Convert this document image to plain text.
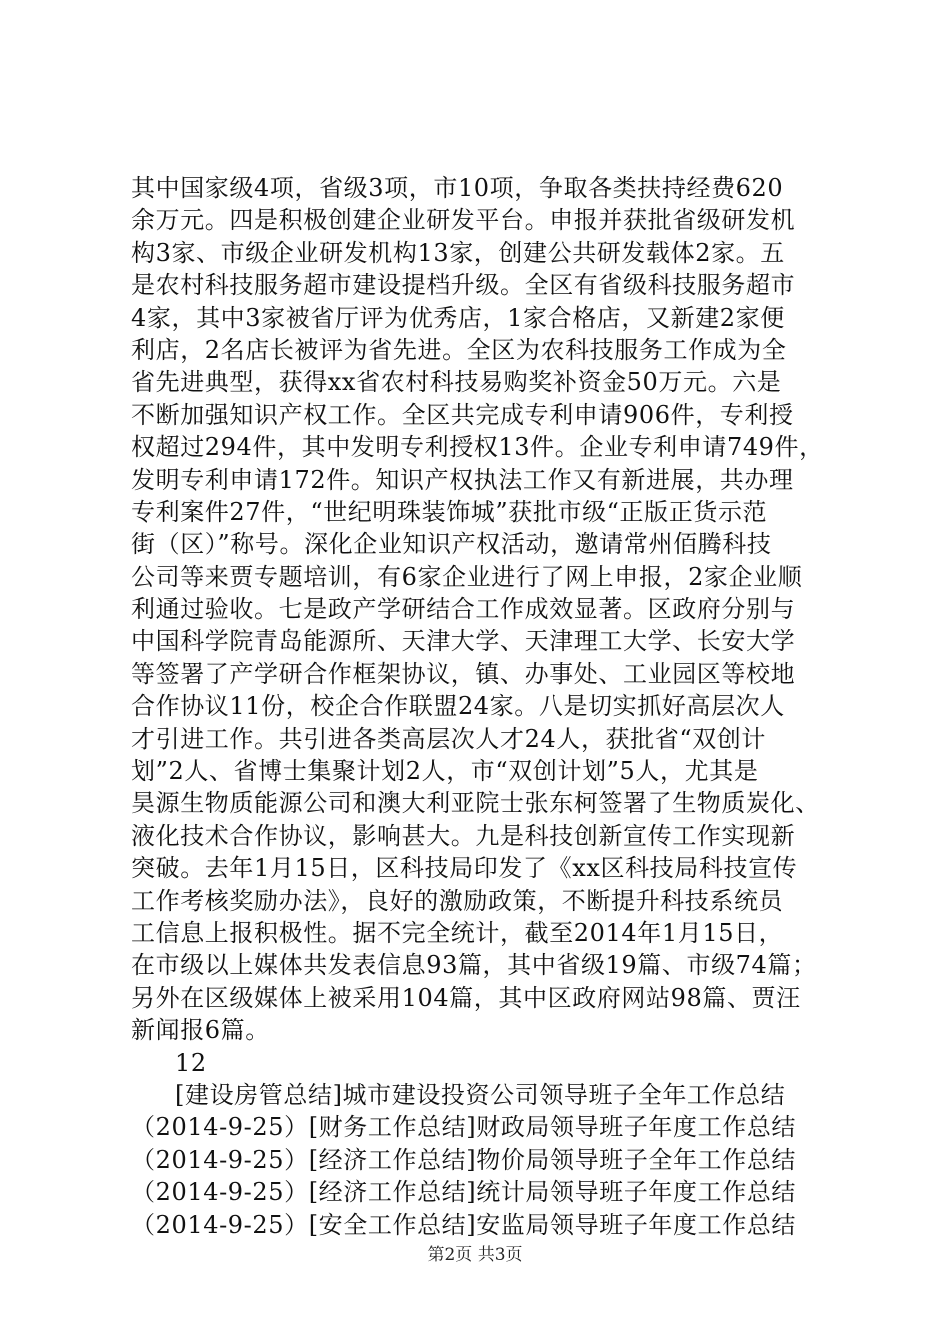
其中国家级4项，省级3项，市10项，争取各类扶持经费620
余万元。四是积极创建企业研发平台。申报并获批省级研发机
构3家、市级企业研发机构13家，创建公共研发载体2家。五
是农村科技服务超市建设提档升级。全区有省级科技服务超市
4家，其中3家被省厅评为优秀店，1家合格店，又新建2家便
利店，2名店长被评为省先进。全区为农科技服务工作成为全
省先进典型，获得xx省农村科技易购奖补资金50万元。六是
不断加强知识产权工作。全区共完成专利申请906件，专利授
权超过294件，其中发明专利授权13件。企业专利申请749件，
发明专利申请172件。知识产权执法工作又有新进展，共办理
专利案件27件，“世纪明珠装饰城”获批市级“正版正货示范
街（区）”称号。深化企业知识产权活动，邀请常州佰腾科技
公司等来贾专题培训，有6家企业进行了网上申报，2家企业顺
利通过验收。七是政产学研结合工作成效显著。区政府分别与
中国科学院青岛能源所、天津大学、天津理工大学、长安大学
等签署了产学研合作框架协议，镇、办事处、工业园区等校地
合作协议11份，校企合作联盟24家。八是切实抓好高层次人
才引进工作。共引进各类高层次人才24人，获批省“双创计
划”2人、省博士集聚计划2人，市“双创计划”5人，尤其是
昊源生物质能源公司和澳大利亚院士张东柯签署了生物质炭化、
液化技术合作协议，影响甚大。九是科技创新宣传工作实现新
突破。去年1月15日，区科技局印发了《xx区科技局科技宣传
工作考核奖励办法》，良好的激励政策，不断提升科技系统员
工信息上报积极性。据不完全统计，截至2014年1月15日，
在市级以上媒体共发表信息93篇，其中省级19篇、市级74篇；
另外在区级媒体上被采用104篇，其中区政府网站98篇、贾汪
新闻报6篇。
12
[建设房管总结]城市建设投资公司领导班子全年工作总结
（2014-9-25）[财务工作总结]财政局领导班子年度工作总结
（2014-9-25）[经济工作总结]物价局领导班子全年工作总结
（2014-9-25）[经济工作总结]统计局领导班子年度工作总结
（2014-9-25）[安全工作总结]安监局领导班子年度工作总结
第2页 共3页
